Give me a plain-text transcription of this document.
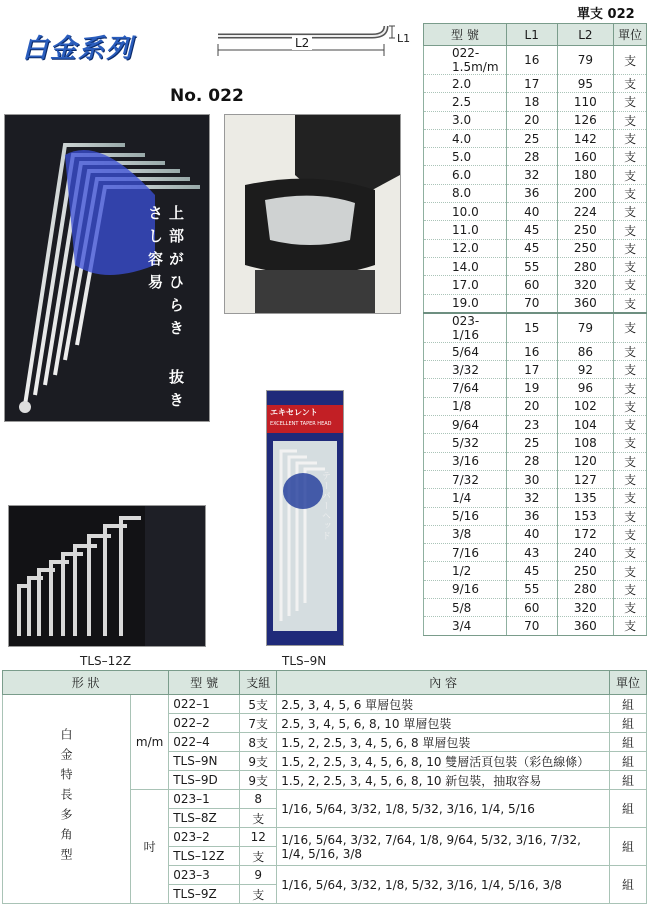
白金系列
No. 022
單支 022
L2	L1
上部がひらき 抜きさし容易
TLS–12Z
エキセレント
EXCELLENT TAPER HEAD
テーパーヘッド
TLS–9N
型 號	L1	L2	單位
022-1.5m/m	16	79	支
2.0	17	95	支
2.5	18	110	支
3.0	20	126	支
4.0	25	142	支
5.0	28	160	支
6.0	32	180	支
8.0	36	200	支
10.0	40	224	支
11.0	45	250	支
12.0	45	250	支
14.0	55	280	支
17.0	60	320	支
19.0	70	360	支
023-1/16	15	79	支
5/64	16	86	支
3/32	17	92	支
7/64	19	96	支
1/8	20	102	支
9/64	23	104	支
5/32	25	108	支
3/16	28	120	支
7/32	30	127	支
1/4	32	135	支
5/16	36	153	支
3/8	40	172	支
7/16	43	240	支
1/2	45	250	支
9/16	55	280	支
5/8	60	320	支
3/4	70	360	支
形 狀		型 號	支組	內 容	單位
白金特長多角型	m/m	022–1	5支	2.5, 3, 4, 5, 6 單層包裝	組
		022–2	7支	2.5, 3, 4, 5, 6, 8, 10 單層包裝	組
		022–4	8支	1.5, 2, 2.5, 3, 4, 5, 6, 8 單層包裝	組
		TLS–9N	9支	1.5, 2, 2.5, 3, 4, 5, 6, 8, 10 雙層活頁包裝（彩色線條）	組
		TLS–9D	9支	1.5, 2, 2.5, 3, 4, 5, 6, 8, 10 新包裝，抽取容易	組
	吋	023–1	8	1/16, 5/64, 3/32, 1/8, 5/32, 3/16, 1/4, 5/16	組
		TLS–8Z	支		
		023–2	12	1/16, 5/64, 3/32, 7/64, 1/8, 9/64, 5/32, 3/16, 7/32,
1/4, 5/16, 3/8	組
		TLS–12Z	支		
		023–3	9	1/16, 5/64, 3/32, 1/8, 5/32, 3/16, 1/4, 5/16, 3/8	組
		TLS–9Z	支		
